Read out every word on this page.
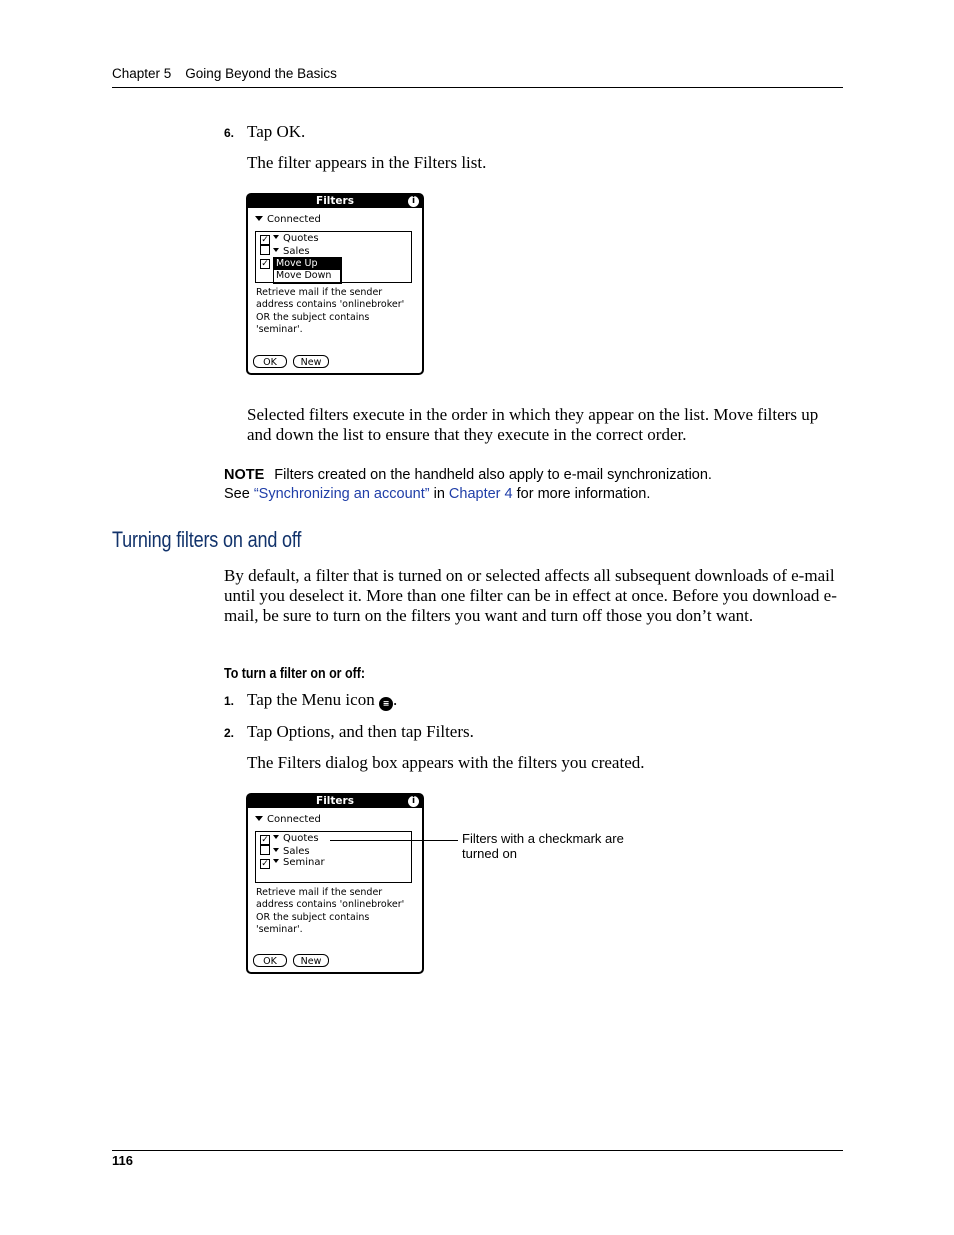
Chapter 5 Going Beyond the Basics
6. Tap OK.
The filter appears in the Filters list.
Filters	i
Connected
✓ Quotes
Sales
✓ Move Up
Move Down
Retrieve mail if the sender
address contains 'onlinebroker'
OR the subject contains
'seminar'.
OK	New
Selected filters execute in the order in which they appear on the list. Move filters up and down the list to ensure that they execute in the correct order.
NOTE Filters created on the handheld also apply to e-mail synchronization.
See “Synchronizing an account” in Chapter 4 for more information.
Turning filters on and off
By default, a filter that is turned on or selected affects all subsequent downloads of e-mail until you deselect it. More than one filter can be in effect at once. Before you download e-mail, be sure to turn on the filters you want and turn off those you don’t want.
To turn a filter on or off:
1. Tap the Menu icon ≡ .
2. Tap Options, and then tap Filters.
The Filters dialog box appears with the filters you created.
Filters	i
Connected
✓ Quotes
Sales
✓ Seminar
Retrieve mail if the sender
address contains 'onlinebroker'
OR the subject contains
'seminar'.
OK	New
Filters with a checkmark are turned on
116
